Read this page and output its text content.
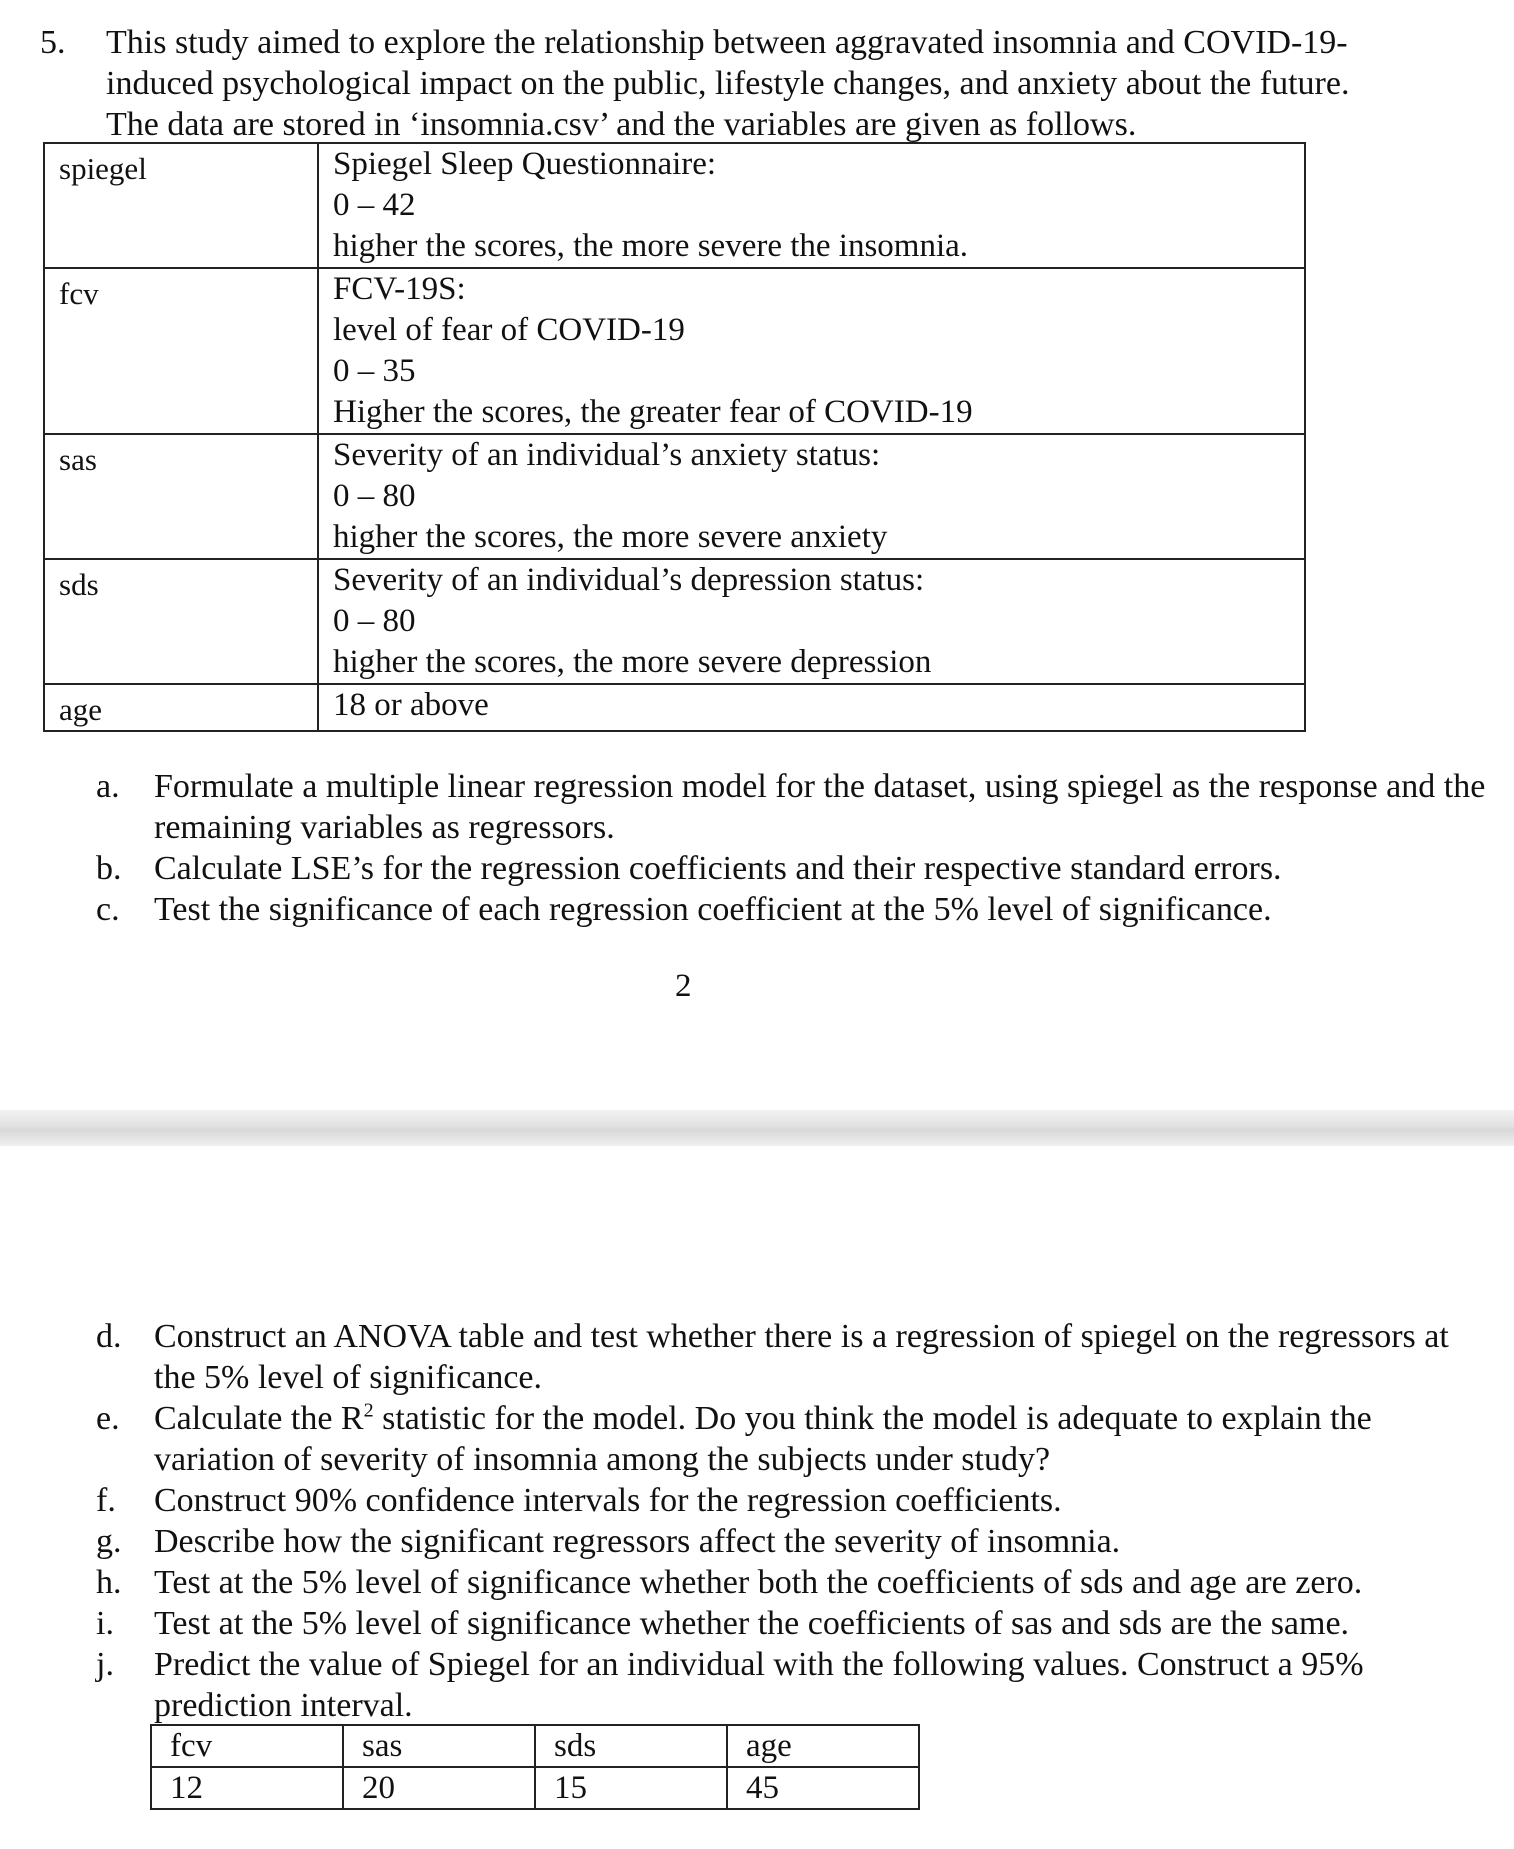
5. This study aimed to explore the relationship between aggravated insomnia and COVID-19-
induced psychological impact on the public, lifestyle changes, and anxiety about the future.
The data are stored in ‘insomnia.csv’ and the variables are given as follows.
spiegel	Spiegel Sleep Questionnaire:
0 – 42
higher the scores, the more severe the insomnia.

fcv	FCV-19S:
level of fear of COVID-19
0 – 35
Higher the scores, the greater fear of COVID-19

sas	Severity of an individual’s anxiety status:
0 – 80
higher the scores, the more severe anxiety

sds	Severity of an individual’s depression status:
0 – 80
higher the scores, the more severe depression

age	18 or above
a.	Formulate a multiple linear regression model for the dataset, using spiegel as the response and the remaining variables as regressors.
b. Calculate LSE’s for the regression coefficients and their respective standard errors.
c.	Test the significance of each regression coefficient at the 5% level of significance.
2
d. Construct an ANOVA table and test whether there is a regression of spiegel on the regressors at the 5% level of significance.
e.	Calculate the $R^2$ statistic for the model. Do you think the model is adequate to explain the variation of severity of insomnia among the subjects under study?
f.	Construct 90% confidence intervals for the regression coefficients.
g. Describe how the significant regressors affect the severity of insomnia.
h. Test at the 5% level of significance whether both the coefficients of sds and age are zero.
i.	Test at the 5% level of significance whether the coefficients of sas and sds are the same.
j.	Predict the value of Spiegel for an individual with the following values. Construct a 95% prediction interval.
fcv	sas	sds	age
12	20	15	45
